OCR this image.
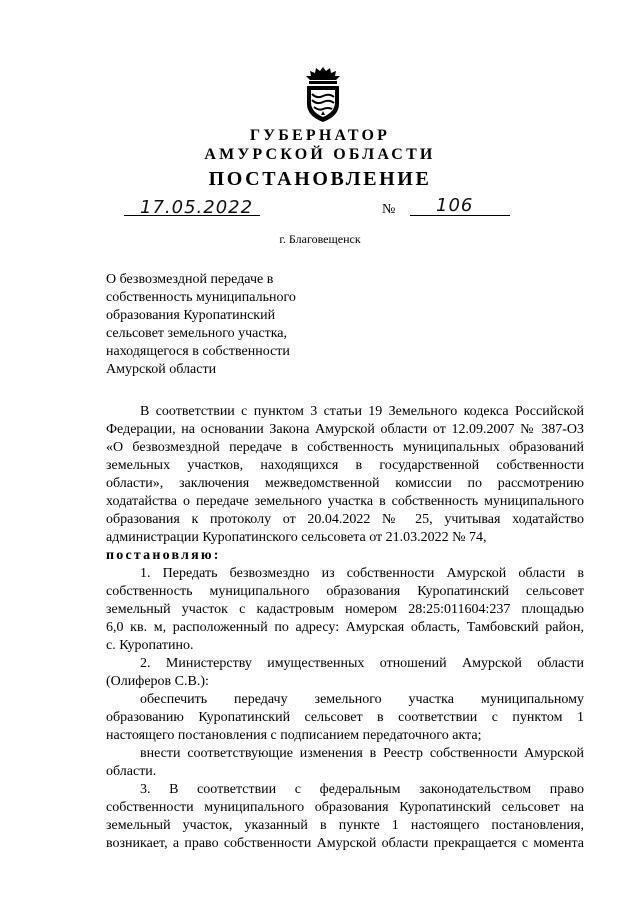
ГУБЕРНАТОР
АМУРСКОЙ ОБЛАСТИ
ПОСТАНОВЛЕНИЕ
17.05.2022	№ 106
г. Благовещенск
О безвозмездной передаче в
собственность муниципального
образования Куропатинский
сельсовет земельного участка,
находящегося в собственности
Амурской области
В соответствии с пунктом 3 статьи 19 Земельного кодекса Российской
Федерации, на основании Закона Амурской области от 12.09.2007 № 387-ОЗ
«О безвозмездной передаче в собственность муниципальных образований
земельных участков, находящихся в государственной собственности
области», заключения межведомственной комиссии по рассмотрению
ходатайства о передаче земельного участка в собственность муниципального
образования к протоколу от 20.04.2022 № 25, учитывая ходатайство
администрации Куропатинского сельсовета от 21.03.2022 № 74,
постановляю:
1. Передать безвозмездно из собственности Амурской области в
собственность муниципального образования Куропатинский сельсовет
земельный участок с кадастровым номером 28:25:011604:237 площадью
6,0 кв. м, расположенный по адресу: Амурская область, Тамбовский район,
с. Куропатино.
2. Министерству имущественных отношений Амурской области
(Олиферов С.В.):
обеспечить передачу земельного участка муниципальному
образованию Куропатинский сельсовет в соответствии с пунктом 1
настоящего постановления с подписанием передаточного акта;
внести соответствующие изменения в Реестр собственности Амурской
области.
3. В соответствии с федеральным законодательством право
собственности муниципального образования Куропатинский сельсовет на
земельный участок, указанный в пункте 1 настоящего постановления,
возникает, а право собственности Амурской области прекращается с момента
